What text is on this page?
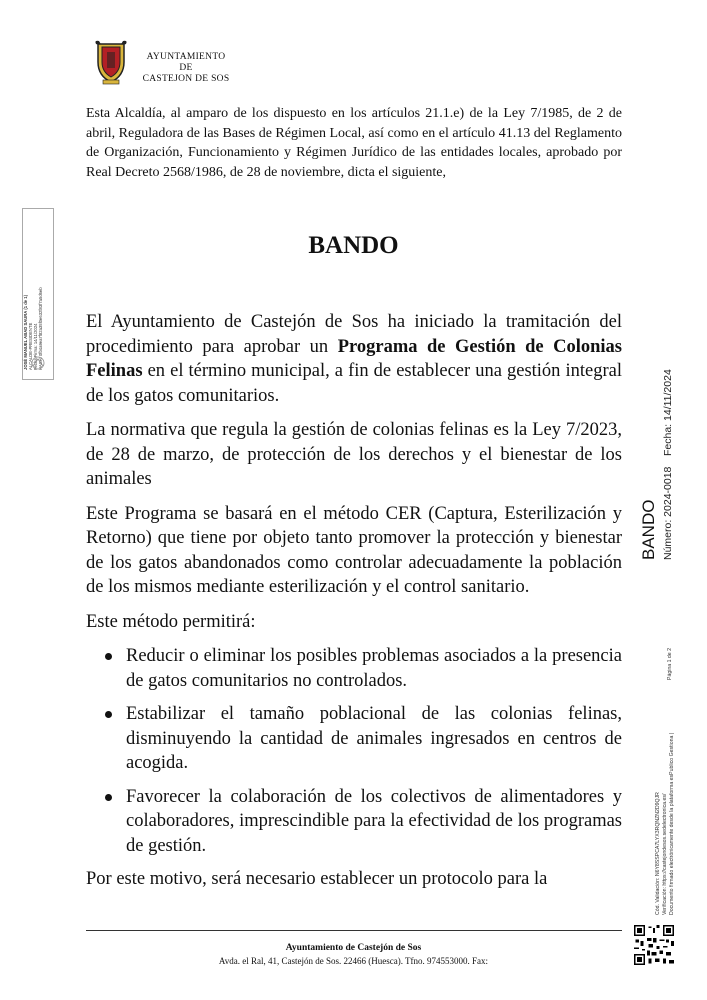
AYUNTAMIENTO
DE
CASTEJON DE SOS
Esta Alcaldía, al amparo de los dispuesto en los artículos 21.1.e) de la Ley 7/1985, de 2 de abril, Reguladora de las Bases de Régimen Local, así como en el artículo 41.13 del Reglamento de Organización, Funcionamiento y Régimen Jurídico de las entidades locales, aprobado por Real Decreto 2568/1986, de 28 de noviembre, dicta el siguiente,
BANDO

El Ayuntamiento de Castejón de Sos ha iniciado la tramitación del procedimiento para aprobar un Programa de Gestión de Colonias Felinas en el término municipal, a fin de establecer una gestión integral de los gatos comunitarios.

La normativa que regula la gestión de colonias felinas es la Ley 7/2023, de 28 de marzo, de protección de los derechos y el bienestar de los animales

Este Programa se basará en el método CER (Captura, Esterilización y Retorno) que tiene por objeto tanto promover la protección y bienestar de los gatos abandonados como controlar adecuadamente la población de los mismos mediante esterilización y el control sanitario.

Este método permitirá:

Reducir o eliminar los posibles problemas asociados a la presencia de gatos comunitarios no controlados.
Estabilizar el tamaño poblacional de las colonias felinas, disminuyendo la cantidad de animales ingresados en centros de acogida.
Favorecer la colaboración de los colectivos de alimentadores y colaboradores, imprescindible para la efectividad de los programas de gestión.

Por este motivo, será necesario establecer un protocolo para la

JOSÉ MANUEL ABAD SAURA (1 de 1) ALCALDE-PRESIDENTE Fecha Firma: 14/11/2024 HASH: 0fb4a9ea7f82a35f0e632f83f7a5d6eb
BANDO Número: 2024-0018
Fecha: 14/11/2024
Cód. Validación: N6Y8SSPCA7LYX3RQNZN2D9QJR Verificación: https://castejondesos.sedelectronica.es/ Documento firmado electrónicamente desde la plataforma esPublico Gestiona |
Página 1 de 2
Ayuntamiento de Castejón de Sos
Avda. el Ral, 41, Castejón de Sos. 22466 (Huesca). Tfno. 974553000. Fax:
